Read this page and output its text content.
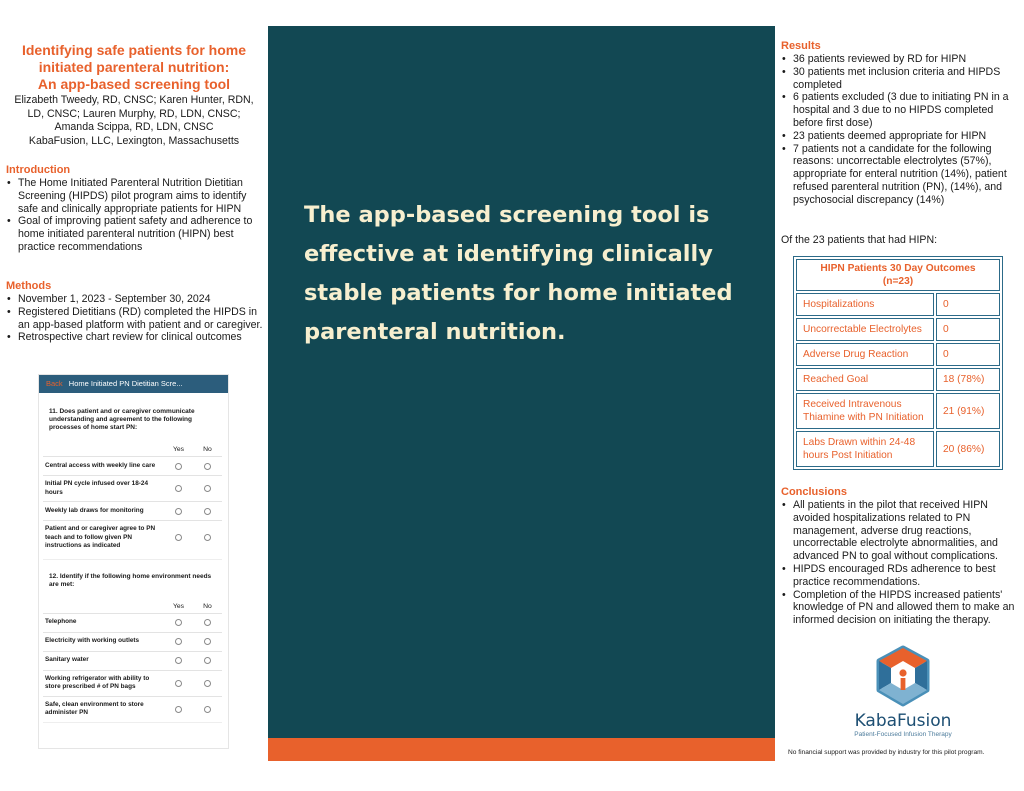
Identifying safe patients for home
initiated parenteral nutrition:
An app-based screening tool
Elizabeth Tweedy, RD, CNSC; Karen Hunter, RDN,
LD, CNSC; Lauren Murphy, RD, LDN, CNSC;
Amanda Scippa, RD, LDN, CNSC
KabaFusion, LLC, Lexington, Massachusetts
Introduction
• The Home Initiated Parenteral Nutrition Dietitian Screening (HIPDS) pilot program aims to identify safe and clinically appropriate patients for HIPN
• Goal of improving patient safety and adherence to home initiated parenteral nutrition (HIPN) best practice recommendations
Methods
• November 1, 2023 - September 30, 2024
• Registered Dietitians (RD) completed the HIPDS in an app-based platform with patient and or caregiver.
• Retrospective chart review for clinical outcomes
Back Home Initiated PN Dietitian Scre...
11. Does patient and or caregiver communicate understanding and agreement to the following processes of home start PN:
Yes	No
Central access with weekly line care
Initial PN cycle infused over 18-24 hours
Weekly lab draws for monitoring
Patient and or caregiver agree to PN teach and to follow given PN instructions as indicated
12. Identify if the following home environment needs are met:
Yes	No
Telephone
Electricity with working outlets
Sanitary water
Working refrigerator with ability to store prescribed # of PN bags
Safe, clean environment to store administer PN
The app-based screening tool is effective at identifying clinically stable patients for home initiated parenteral nutrition.
Results
• 36 patients reviewed by RD for HIPN
• 30 patients met inclusion criteria and HIPDS completed
• 6 patients excluded (3 due to initiating PN in a hospital and 3 due to no HIPDS completed before first dose)
• 23 patients deemed appropriate for HIPN
• 7 patients not a candidate for the following reasons: uncorrectable electrolytes (57%), appropriate for enteral nutrition (14%), patient refused parenteral nutrition (PN), (14%), and psychosocial discrepancy (14%)
Of the 23 patients that had HIPN:
HIPN Patients 30 Day Outcomes
(n=23)	

Hospitalizations	0
Uncorrectable Electrolytes	0
Adverse Drug Reaction	0
Reached Goal	18 (78%)
Received Intravenous Thiamine with PN Initiation	21 (91%)
Labs Drawn within 24-48 hours Post Initiation	20 (86%)
Conclusions
• All patients in the pilot that received HIPN avoided hospitalizations related to PN management, adverse drug reactions, uncorrectable electrolyte abnormalities, and advanced PN to goal without complications.
• HIPDS encouraged RDs adherence to best practice recommendations.
• Completion of the HIPDS increased patients' knowledge of PN and allowed them to make an informed decision on initiating the therapy.
KabaFusion
Patient-Focused Infusion Therapy
No financial support was provided by industry for this pilot program.
